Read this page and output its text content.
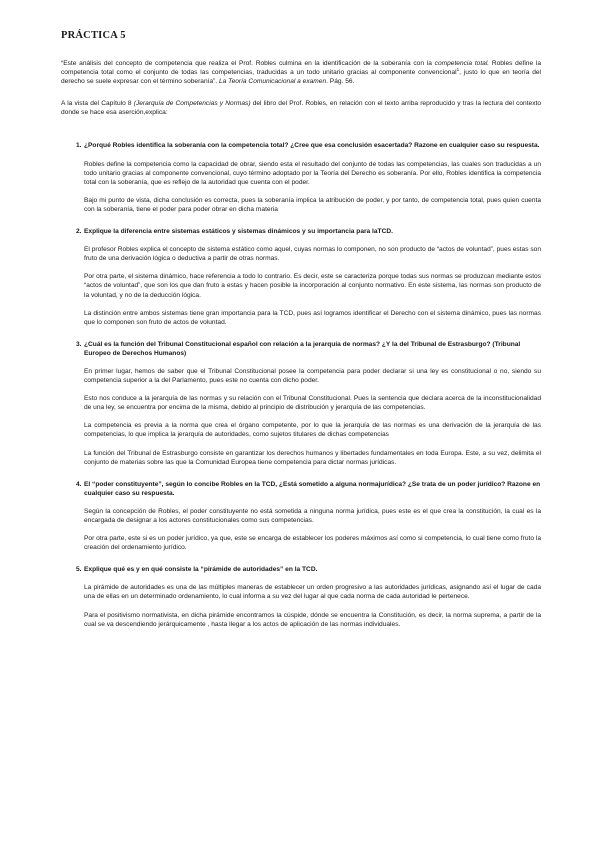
PRÁCTICA 5

“Este análisis del concepto de competencia que realiza el Prof. Robles culmina en la identificación de la soberanía con la competencia total. Robles define la competencia total como el conjunto de todas las competencias, traducidas a un todo unitario gracias al componente convencional$^1$, justo lo que en teoría del derecho se suele expresar con el término soberanía”. La Teoría Comunicacional a examen. Pág. 56.

A la vista del Capítulo 8 (Jerarquía de Competencias y Normas) del libro del Prof. Robles, en relación con el texto arriba reproducido y tras la lectura del contexto donde se hace esa aserción,explica:

1. ¿Porqué Robles identifica la soberanía con la competencia total? ¿Cree que esa conclusión esacertada? Razone en cualquier caso su respuesta.

Robles define la competencia como la capacidad de obrar, siendo esta el resultado del conjunto de todas las competencias, las cuales son traducidas a un todo unitario gracias al componente convencional, cuyo término adoptado por la Teoría del Derecho es soberanía. Por ello, Robles identifica la competencia total con la soberanía, que es reflejo de la autoridad que cuenta con el poder.

Bajo mi punto de vista, dicha conclusión es correcta, pues la soberanía implica la atribución de poder, y por tanto, de competencia total, pues quien cuenta con la soberanía, tiene el poder para poder obrar en dicha materia

2. Explique la diferencia entre sistemas estáticos y sistemas dinámicos y su importancia para laTCD.

El profesor Robles explica el concepto de sistema estático como aquel, cuyas normas lo componen, no son producto de “actos de voluntad”, pues estas son fruto de una derivación lógica o deductiva a partir de otras normas.

Por otra parte, el sistema dinámico, hace referencia a todo lo contrario. Es decir, este se caracteriza porque todas sus normas se produzcan mediante estos “actos de voluntad”, que son los que dan fruto a estas y hacen posible la incorporación al conjunto normativo. En este sistema, las normas son producto de la voluntad, y no de la deducción lógica.

La distinción entre ambos sistemas tiene gran importancia para la TCD, pues así logramos identificar el Derecho con el sistema dinámico, pues las normas que lo componen son fruto de actos de voluntad.

3. ¿Cuál es la función del Tribunal Constitucional español con relación a la jerarquía de normas? ¿Y la del Tribunal de Estrasburgo? (Tribunal Europeo de Derechos Humanos)

En primer lugar, hemos de saber que el Tribunal Constitucional posee la competencia para poder declarar si una ley es constitucional o no, siendo su competencia superior a la del Parlamento, pues este no cuenta con dicho poder.

Esto nos conduce a la jerarquía de las normas y su relación con el Tribunal Constitucional. Pues la sentencia que declara acerca de la inconstitucionalidad de una ley, se encuentra por encima de la misma, debido al principio de distribución y jerarquía de las competencias.

La competencia es previa a la norma que crea el órgano competente, por lo que la jerarquía de las normas es una derivación de la jerarquía de las competencias, lo que implica la jerarquía de autoridades, como sujetos titulares de dichas competencias

La función del Tribunal de Estrasburgo consiste en garantizar los derechos humanos y libertades fundamentales en toda Europa. Este, a su vez, delimita el conjunto de materias sobre las que la Comunidad Europea tiene competencia para dictar normas jurídicas.

4. El “poder constituyente”, según lo concibe Robles en la TCD, ¿Está sometido a alguna normajurídica? ¿Se trata de un poder jurídico? Razone en cualquier caso su respuesta.

Según la concepción de Robles, el poder constituyente no está sometida a ninguna norma jurídica, pues este es el que crea la constitución, la cual es la encargada de designar a los actores constitucionales como sus competencias.

Por otra parte, este si es un poder jurídico, ya que, este se encarga de establecer los poderes máximos así como si competencia, lo cual tiene como fruto la creación del ordenamiento jurídico.

5. Explique qué es y en qué consiste la “pirámide de autoridades” en la TCD.

La pirámide de autoridades es una de las múltiples maneras de establecer un orden progresivo a las autoridades jurídicas, asignando así el lugar de cada una de ellas en un determinado ordenamiento, lo cual informa a su vez del lugar al que cada norma de cada autoridad le pertenece.

Para el positivismo normativista, en dicha pirámide encontramos la cúspide, dónde se encuentra la Constitución, es decir, la norma suprema, a partir de la cual se va descendiendo jerárquicamente , hasta llegar a los actos de aplicación de las normas individuales.
